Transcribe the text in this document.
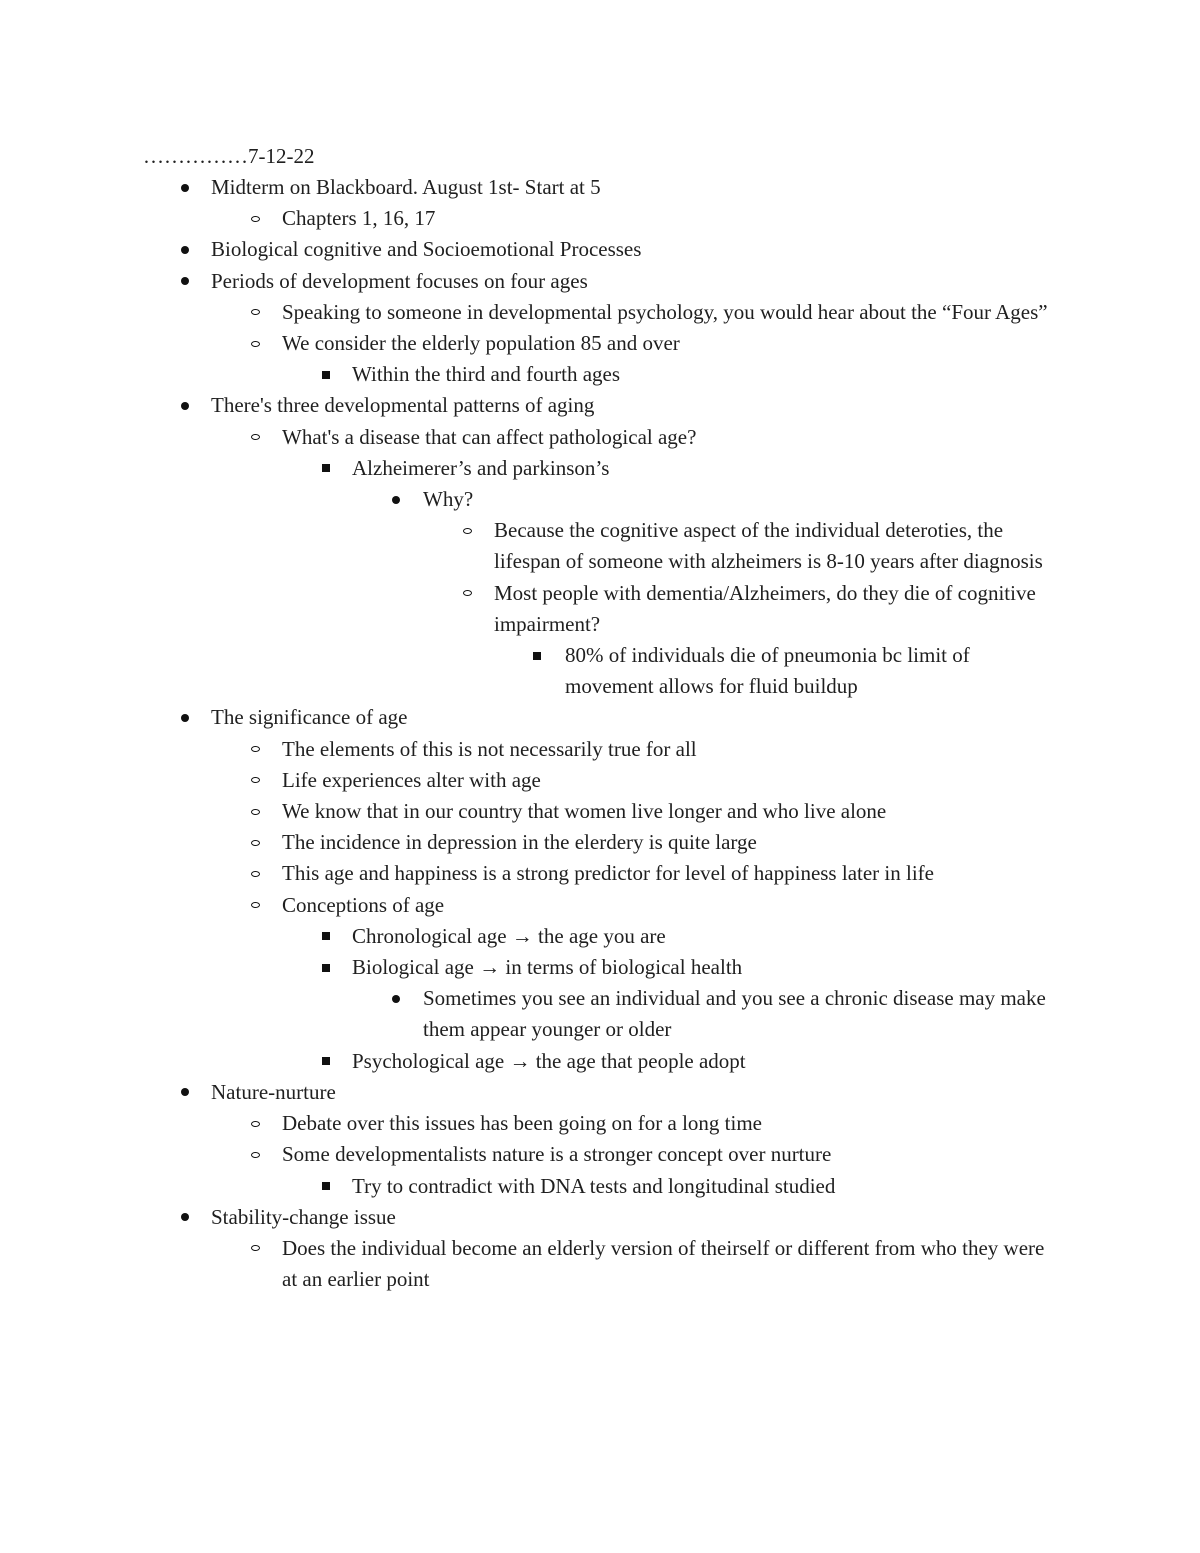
……………7-12-22
Midterm on Blackboard. August 1st- Start at 5
Chapters 1, 16, 17
Biological cognitive and Socioemotional Processes
Periods of development focuses on four ages
Speaking to someone in developmental psychology, you would hear about the “Four Ages”
We consider the elderly population 85 and over
Within the third and fourth ages
There's three developmental patterns of aging
What's a disease that can affect pathological age?
Alzheimerer’s and parkinson’s
Why?
Because the cognitive aspect of the individual deteroties, the lifespan of someone with alzheimers is 8-10 years after diagnosis
Most people with dementia/Alzheimers, do they die of cognitive impairment?
80% of individuals die of pneumonia bc limit of movement allows for fluid buildup
The significance of age
The elements of this is not necessarily true for all
Life experiences alter with age
We know that in our country that women live longer and who live alone
The incidence in depression in the elerdery is quite large
This age and happiness is a strong predictor for level of happiness later in life
Conceptions of age
Chronological age → the age you are
Biological age → in terms of biological health
Sometimes you see an individual and you see a chronic disease may make them appear younger or older
Psychological age → the age that people adopt
Nature-nurture
Debate over this issues has been going on for a long time
Some developmentalists nature is a stronger concept over nurture
Try to contradict with DNA tests and longitudinal studied
Stability-change issue
Does the individual become an elderly version of theirself or different from who they were at an earlier point
